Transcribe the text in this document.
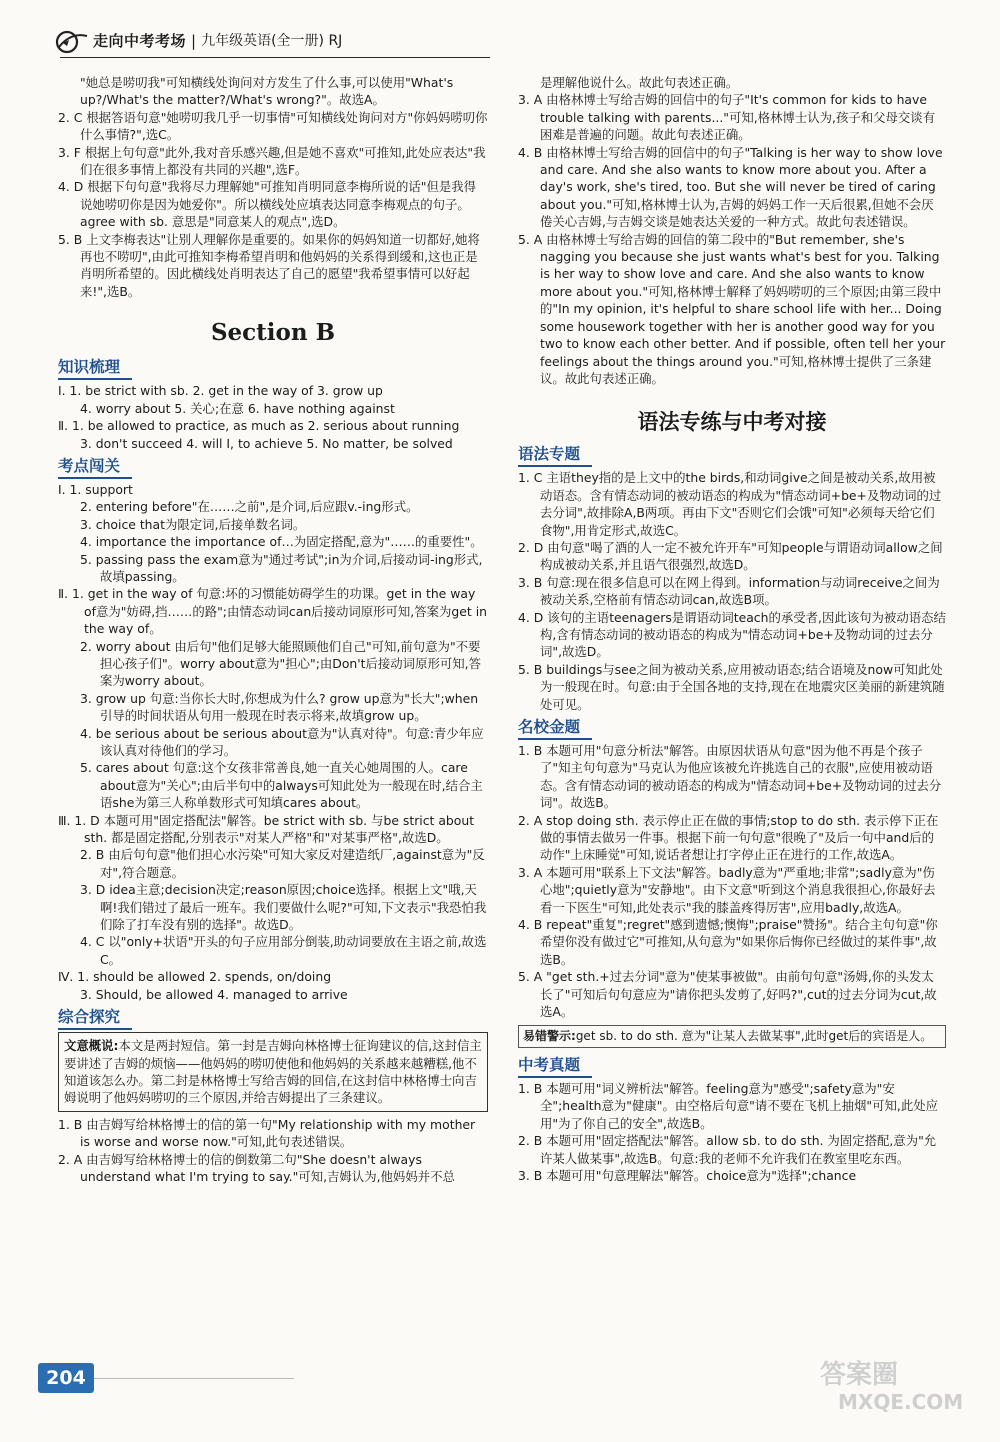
走向中考考场 | 九年级英语(全一册) RJ

"她总是唠叨我"可知横线处询问对方发生了什么事,可以使用"What's up?/What's the matter?/What's wrong?"。故选A。

2. C 根据答语句意"她唠叨我几乎一切事情"可知横线处询问对方"你妈妈唠叨你什么事情?",选C。

3. F 根据上句句意"此外,我对音乐感兴趣,但是她不喜欢"可推知,此处应表达"我们在很多事情上都没有共同的兴趣",选F。

4. D 根据下句句意"我将尽力理解她"可推知肖明同意李梅所说的话"但是我得说她唠叨你是因为她爱你"。所以横线处应填表达同意李梅观点的句子。agree with sb. 意思是"同意某人的观点",选D。

5. B 上文李梅表达"让别人理解你是重要的。如果你的妈妈知道一切都好,她将再也不唠叨",由此可推知李梅希望肖明和他妈妈的关系得到缓和,这也正是肖明所希望的。因此横线处肖明表达了自己的愿望"我希望事情可以好起来!",选B。

Section B
知识梳理

Ⅰ. 1. be strict with sb. 2. get in the way of 3. grow up

4. worry about 5. 关心;在意 6. have nothing against

Ⅱ. 1. be allowed to practice, as much as 2. serious about running

3. don't succeed 4. will I, to achieve 5. No matter, be solved

考点闯关

Ⅰ. 1. support

2. entering before"在……之前",是介词,后应跟v.-ing形式。

3. choice that为限定词,后接单数名词。

4. importance the importance of…为固定搭配,意为"……的重要性"。

5. passing pass the exam意为"通过考试";in为介词,后接动词-ing形式,故填passing。

Ⅱ. 1. get in the way of 句意:坏的习惯能妨碍学生的功课。get in the way of意为"妨碍,挡……的路";由情态动词can后接动词原形可知,答案为get in the way of。

2. worry about 由后句"他们足够大能照顾他们自己"可知,前句意为"不要担心孩子们"。worry about意为"担心";由Don't后接动词原形可知,答案为worry about。

3. grow up 句意:当你长大时,你想成为什么? grow up意为"长大";when引导的时间状语从句用一般现在时表示将来,故填grow up。

4. be serious about be serious about意为"认真对待"。句意:青少年应该认真对待他们的学习。

5. cares about 句意:这个女孩非常善良,她一直关心她周围的人。care about意为"关心";由后半句中的always可知此处为一般现在时,结合主语she为第三人称单数形式可知填cares about。

Ⅲ. 1. D 本题可用"固定搭配法"解答。be strict with sb. 与be strict about sth. 都是固定搭配,分别表示"对某人严格"和"对某事严格",故选D。

2. B 由后句句意"他们担心水污染"可知大家反对建造纸厂,against意为"反对",符合题意。

3. D idea主意;decision决定;reason原因;choice选择。根据上文"哦,天啊!我们错过了最后一班车。我们要做什么呢?"可知,下文表示"我恐怕我们除了打车没有别的选择"。故选D。

4. C 以"only+状语"开头的句子应用部分倒装,助动词要放在主语之前,故选C。

Ⅳ. 1. should be allowed 2. spends, on/doing

3. Should, be allowed 4. managed to arrive

综合探究
文意概说:本文是两封短信。第一封是吉姆向林格博士征询建议的信,这封信主要讲述了吉姆的烦恼——他妈妈的唠叨使他和他妈妈的关系越来越糟糕,他不知道该怎么办。第二封是林格博士写给吉姆的回信,在这封信中林格博士向吉姆说明了他妈妈唠叨的三个原因,并给吉姆提出了三条建议。

1. B 由吉姆写给林格博士的信的第一句"My relationship with my mother is worse and worse now."可知,此句表述错误。

2. A 由吉姆写给林格博士的信的倒数第二句"She doesn't always understand what I'm trying to say."可知,吉姆认为,他妈妈并不总

是理解他说什么。故此句表述正确。

3. A 由格林博士写给吉姆的回信中的句子"It's common for kids to have trouble talking with parents..."可知,格林博士认为,孩子和父母交谈有困难是普遍的问题。故此句表述正确。

4. B 由格林博士写给吉姆的回信中的句子"Talking is her way to show love and care. And she also wants to know more about you. After a day's work, she's tired, too. But she will never be tired of caring about you."可知,格林博士认为,吉姆的妈妈工作一天后很累,但她不会厌倦关心吉姆,与吉姆交谈是她表达关爱的一种方式。故此句表述错误。

5. A 由格林博士写给吉姆的回信的第二段中的"But remember, she's nagging you because she just wants what's best for you. Talking is her way to show love and care. And she also wants to know more about you."可知,格林博士解释了妈妈唠叨的三个原因;由第三段中的"In my opinion, it's helpful to share school life with her... Doing some housework together with her is another good way for you two to know each other better. And if possible, often tell her your feelings about the things around you."可知,格林博士提供了三条建议。故此句表述正确。

语法专练与中考对接
语法专题

1. C 主语they指的是上文中的the birds,和动词give之间是被动关系,故用被动语态。含有情态动词的被动语态的构成为"情态动词+be+及物动词的过去分词",故排除A,B两项。再由下文"否则它们会饿"可知"必须每天给它们食物",用肯定形式,故选C。

2. D 由句意"喝了酒的人一定不被允许开车"可知people与谓语动词allow之间构成被动关系,并且语气很强烈,故选D。

3. B 句意:现在很多信息可以在网上得到。information与动词receive之间为被动关系,空格前有情态动词can,故选B项。

4. D 该句的主语teenagers是谓语动词teach的承受者,因此该句为被动语态结构,含有情态动词的被动语态的构成为"情态动词+be+及物动词的过去分词",故选D。

5. B buildings与see之间为被动关系,应用被动语态;结合语境及now可知此处为一般现在时。句意:由于全国各地的支持,现在在地震灾区美丽的新建筑随处可见。

名校金题

1. B 本题可用"句意分析法"解答。由原因状语从句意"因为他不再是个孩子了"知主句句意为"马克认为他应该被允许挑选自己的衣服",应使用被动语态。含有情态动词的被动语态的构成为"情态动词+be+及物动词的过去分词"。故选B。

2. A stop doing sth. 表示停止正在做的事情;stop to do sth. 表示停下正在做的事情去做另一件事。根据下前一句句意"很晚了"及后一句中and后的动作"上床睡觉"可知,说话者想让打字停止正在进行的工作,故选A。

3. A 本题可用"联系上下文法"解答。badly意为"严重地;非常";sadly意为"伤心地";quietly意为"安静地"。由下文意"听到这个消息我很担心,你最好去看一下医生"可知,此处表示"我的膝盖疼得厉害",应用badly,故选A。

4. B repeat"重复";regret"感到遗憾;懊悔";praise"赞扬"。结合主句句意"你希望你没有做过它"可推知,从句意为"如果你后悔你已经做过的某件事",故选B。

5. A "get sth.+过去分词"意为"使某事被做"。由前句句意"汤姆,你的头发太长了"可知后句句意应为"请你把头发剪了,好吗?",cut的过去分词为cut,故选A。

易错警示:get sb. to do sth. 意为"让某人去做某事",此时get后的宾语是人。
中考真题

1. B 本题可用"词义辨析法"解答。feeling意为"感受";safety意为"安全";health意为"健康"。由空格后句意"请不要在飞机上抽烟"可知,此处应用"为了你自己的安全",故选B。

2. B 本题可用"固定搭配法"解答。allow sb. to do sth. 为固定搭配,意为"允许某人做某事",故选B。句意:我的老师不允许我们在教室里吃东西。

3. B 本题可用"句意理解法"解答。choice意为"选择";chance

204	答案圈
MXQE.COM
